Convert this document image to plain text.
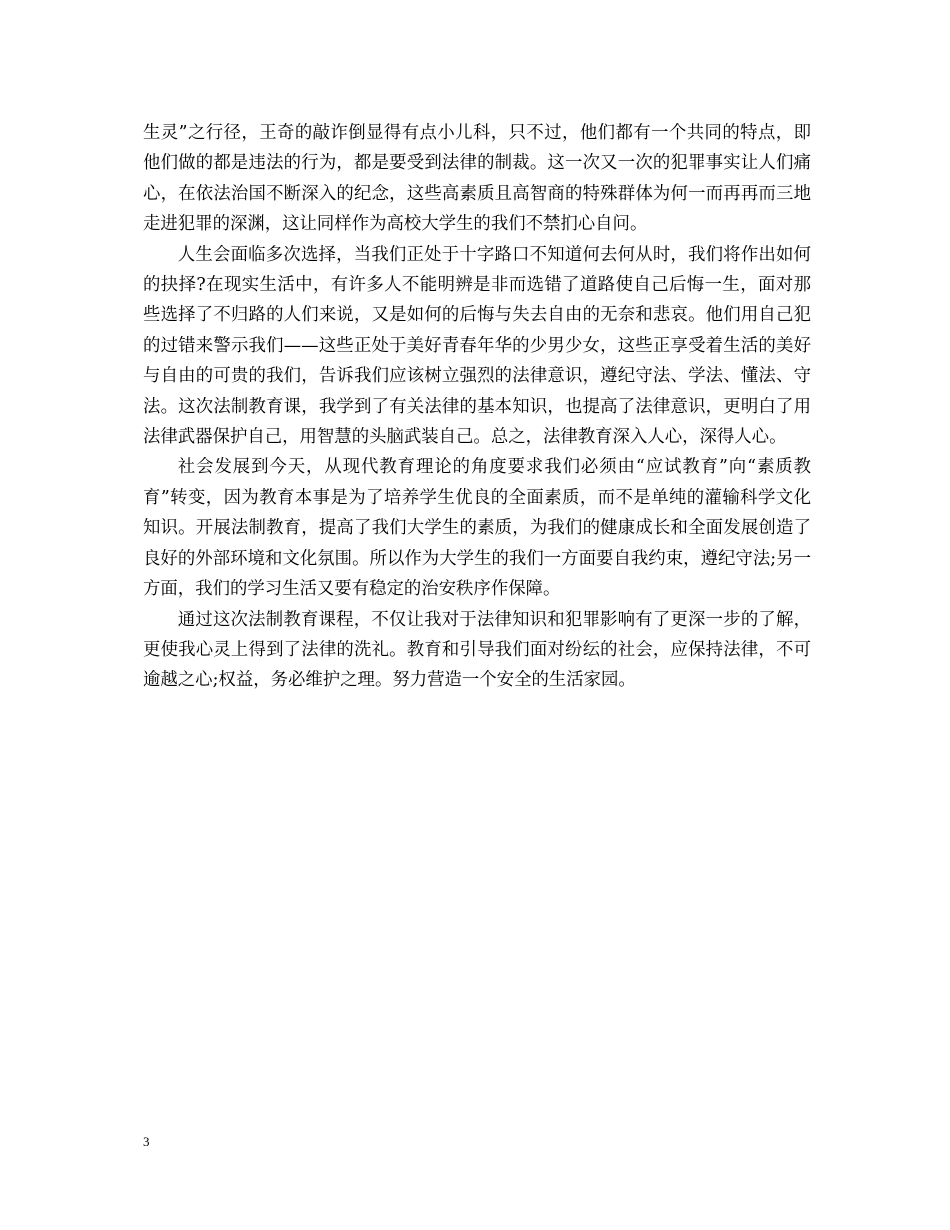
生灵”之行径，王奇的敲诈倒显得有点小儿科，只不过，他们都有一个共同的特点，即他们做的都是违法的行为，都是要受到法律的制裁。这一次又一次的犯罪事实让人们痛心，在依法治国不断深入的纪念，这些高素质且高智商的特殊群体为何一而再再而三地走进犯罪的深渊，这让同样作为高校大学生的我们不禁扪心自问。

人生会面临多次选择，当我们正处于十字路口不知道何去何从时，我们将作出如何的抉择?在现实生活中，有许多人不能明辨是非而选错了道路使自己后悔一生，面对那些选择了不归路的人们来说，又是如何的后悔与失去自由的无奈和悲哀。他们用自己犯的过错来警示我们——这些正处于美好青春年华的少男少女，这些正享受着生活的美好与自由的可贵的我们，告诉我们应该树立强烈的法律意识，遵纪守法、学法、懂法、守法。这次法制教育课，我学到了有关法律的基本知识，也提高了法律意识，更明白了用法律武器保护自己，用智慧的头脑武装自己。总之，法律教育深入人心，深得人心。

社会发展到今天，从现代教育理论的角度要求我们必须由“应试教育”向“素质教育”转变，因为教育本事是为了培养学生优良的全面素质，而不是单纯的灌输科学文化知识。开展法制教育，提高了我们大学生的素质，为我们的健康成长和全面发展创造了良好的外部环境和文化氛围。所以作为大学生的我们一方面要自我约束，遵纪守法;另一方面，我们的学习生活又要有稳定的治安秩序作保障。

通过这次法制教育课程，不仅让我对于法律知识和犯罪影响有了更深一步的了解，更使我心灵上得到了法律的洗礼。教育和引导我们面对纷纭的社会，应保持法律，不可逾越之心;权益，务必维护之理。努力营造一个安全的生活家园。

3
